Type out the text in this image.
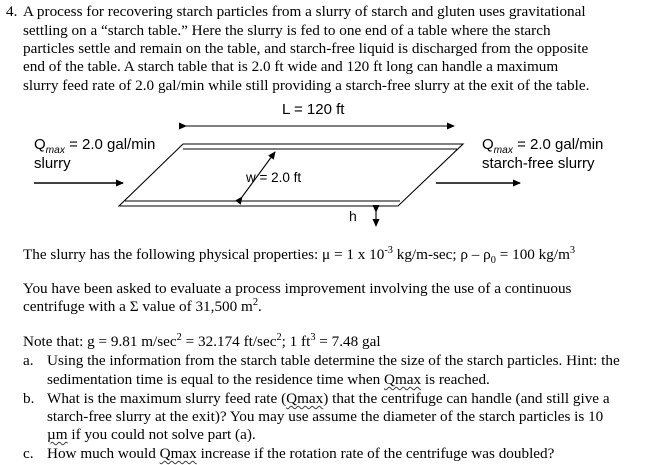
4. A process for recovering starch particles from a slurry of starch and gluten uses gravitational
settling on a “starch table.” Here the slurry is fed to one end of a table where the starch
particles settle and remain on the table, and starch-free liquid is discharged from the opposite
end of the table. A starch table that is 2.0 ft wide and 120 ft long can handle a maximum
slurry feed rate of 2.0 gal/min while still providing a starch-free slurry at the exit of the table.
L = 120 ft
$Q_{max} = 2.0$ gal/min
slurry
$Q_{max} = 2.0$ gal/min
starch-free slurry
w = 2.0 ft
h
The slurry has the following physical properties: μ = 1 x $10^{-3}$ kg/m-sec; $\rho - \rho_0 = 100$ $kg/m^3$
You have been asked to evaluate a process improvement involving the use of a continuous
centrifuge with a Σ value of 31,500 $m^2$.
Note that: g = 9.81 $m/\sec^2 = 32.174$ $ft/\sec^2$; 1 $ft^3 = 7.48$ gal
a. Using the information from the starch table determine the size of the starch particles. Hint: the
sedimentation time is equal to the residence time when Qmax is reached.
b. What is the maximum slurry feed rate (Qmax) that the centrifuge can handle (and still give a
starch-free slurry at the exit)? You may use assume the diameter of the starch particles is 10
µm if you could not solve part (a).
c. How much would Qmax increase if the rotation rate of the centrifuge was doubled?
